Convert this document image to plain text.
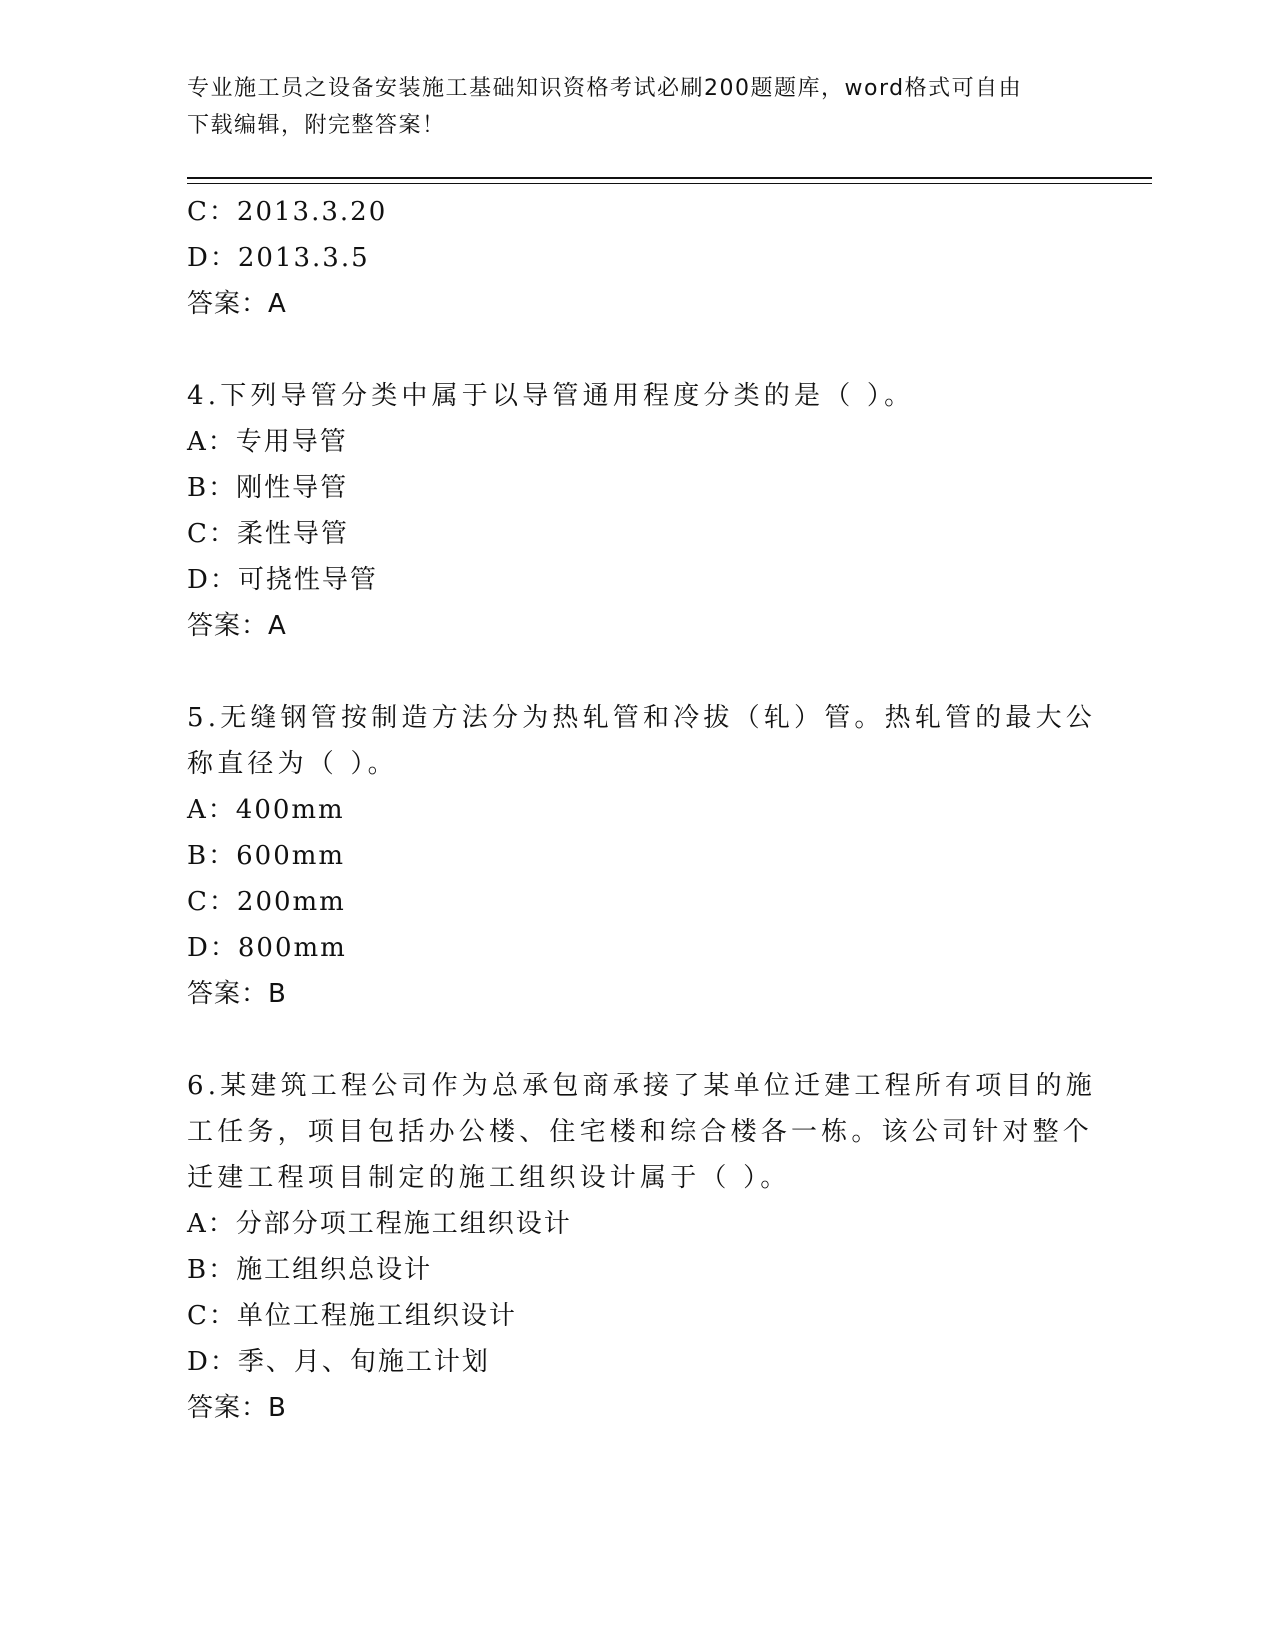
专业施工员之设备安装施工基础知识资格考试必刷200题题库，word格式可自由
下载编辑，附完整答案！
C：2013.3.20
D：2013.3.5
答案：A
4.下列导管分类中属于以导管通用程度分类的是（ ）。
A：专用导管
B：刚性导管
C：柔性导管
D：可挠性导管
答案：A
5.无缝钢管按制造方法分为热轧管和冷拔（轧）管。热轧管的最大公
称直径为（ ）。
A：400mm
B：600mm
C：200mm
D：800mm
答案：B
6.某建筑工程公司作为总承包商承接了某单位迁建工程所有项目的施
工任务，项目包括办公楼、住宅楼和综合楼各一栋。该公司针对整个
迁建工程项目制定的施工组织设计属于（ ）。
A：分部分项工程施工组织设计
B：施工组织总设计
C：单位工程施工组织设计
D：季、月、旬施工计划
答案：B
